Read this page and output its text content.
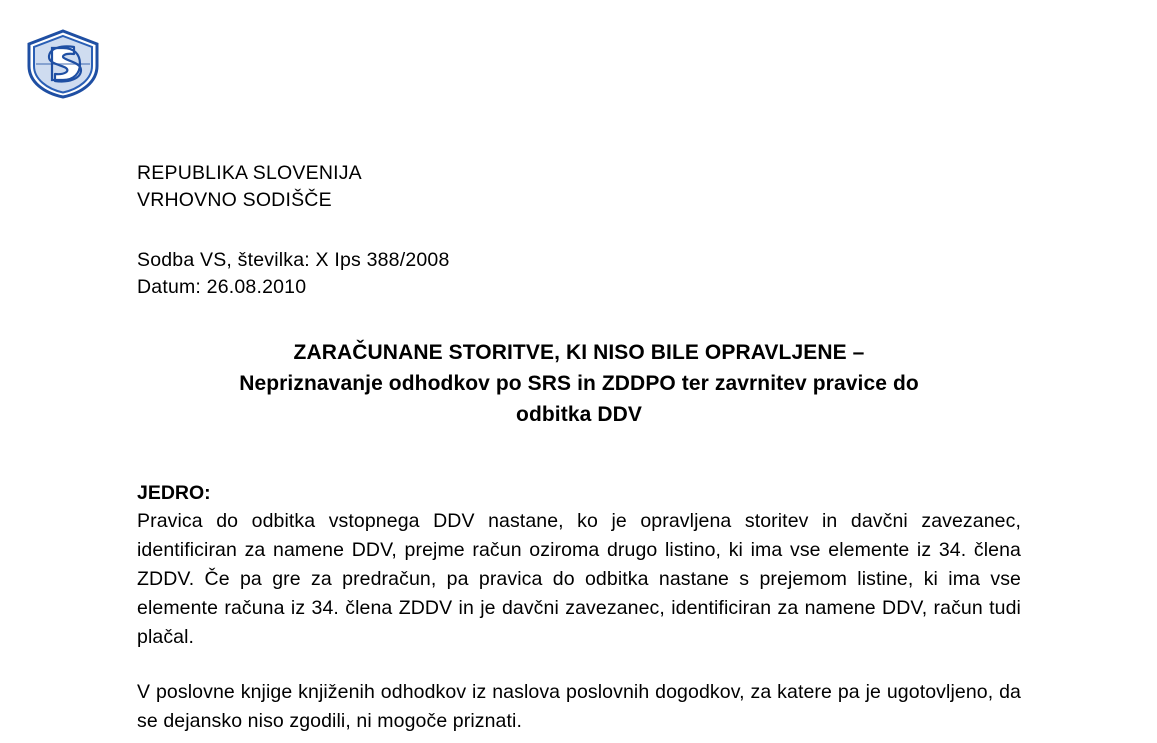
REPUBLIKA SLOVENIJA
VRHOVNO SODIŠČE
Sodba VS, številka: X Ips 388/2008
Datum: 26.08.2010
ZARAČUNANE STORITVE, KI NISO BILE OPRAVLJENE –
Nepriznavanje odhodkov po SRS in ZDDPO ter zavrnitev pravice do
odbitka DDV
JEDRO:
Pravica do odbitka vstopnega DDV nastane, ko je opravljena storitev in davčni zavezanec, identificiran za namene DDV, prejme račun oziroma drugo listino, ki ima vse elemente iz 34. člena ZDDV. Če pa gre za predračun, pa pravica do odbitka nastane s prejemom listine, ki ima vse elemente računa iz 34. člena ZDDV in je davčni zavezanec, identificiran za namene DDV, račun tudi plačal.
V poslovne knjige knjiženih odhodkov iz naslova poslovnih dogodkov, za katere pa je ugotovljeno, da se dejansko niso zgodili, ni mogoče priznati.
